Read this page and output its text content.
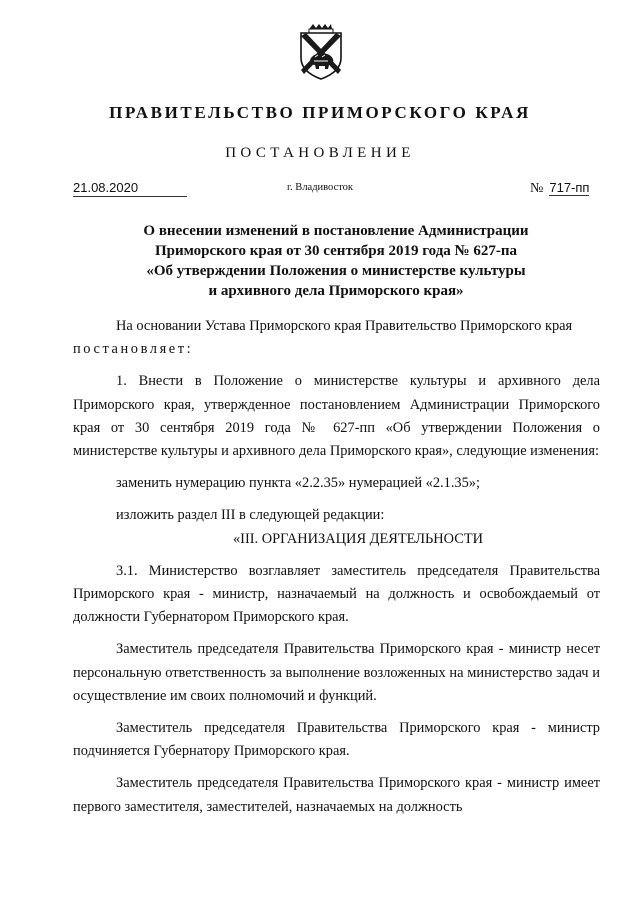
ПРАВИТЕЛЬСТВО ПРИМОРСКОГО КРАЯ
ПОСТАНОВЛЕНИЕ
21.08.2020	г. Владивосток	№ 717-пп
О внесении изменений в постановление Администрации
Приморского края от 30 сентября 2019 года № 627-па
«Об утверждении Положения о министерстве культуры
и архивного дела Приморского края»

На основании Устава Приморского края Правительство Приморского края

постановляет:

1. Внести в Положение о министерстве культуры и архивного дела Приморского края, утвержденное постановлением Администрации Приморского края от 30 сентября 2019 года № 627-пп «Об утверждении Положения о министерстве культуры и архивного дела Приморского края», следующие изменения:

заменить нумерацию пункта «2.2.35» нумерацией «2.1.35»;

изложить раздел III в следующей редакции:

«III. ОРГАНИЗАЦИЯ ДЕЯТЕЛЬНОСТИ

3.1. Министерство возглавляет заместитель председателя Правительства Приморского края - министр, назначаемый на должность и освобождаемый от должности Губернатором Приморского края.

Заместитель председателя Правительства Приморского края - министр несет персональную ответственность за выполнение возложенных на министерство задач и осуществление им своих полномочий и функций.

Заместитель председателя Правительства Приморского края - министр подчиняется Губернатору Приморского края.

Заместитель председателя Правительства Приморского края - министр имеет первого заместителя, заместителей, назначаемых на должность
